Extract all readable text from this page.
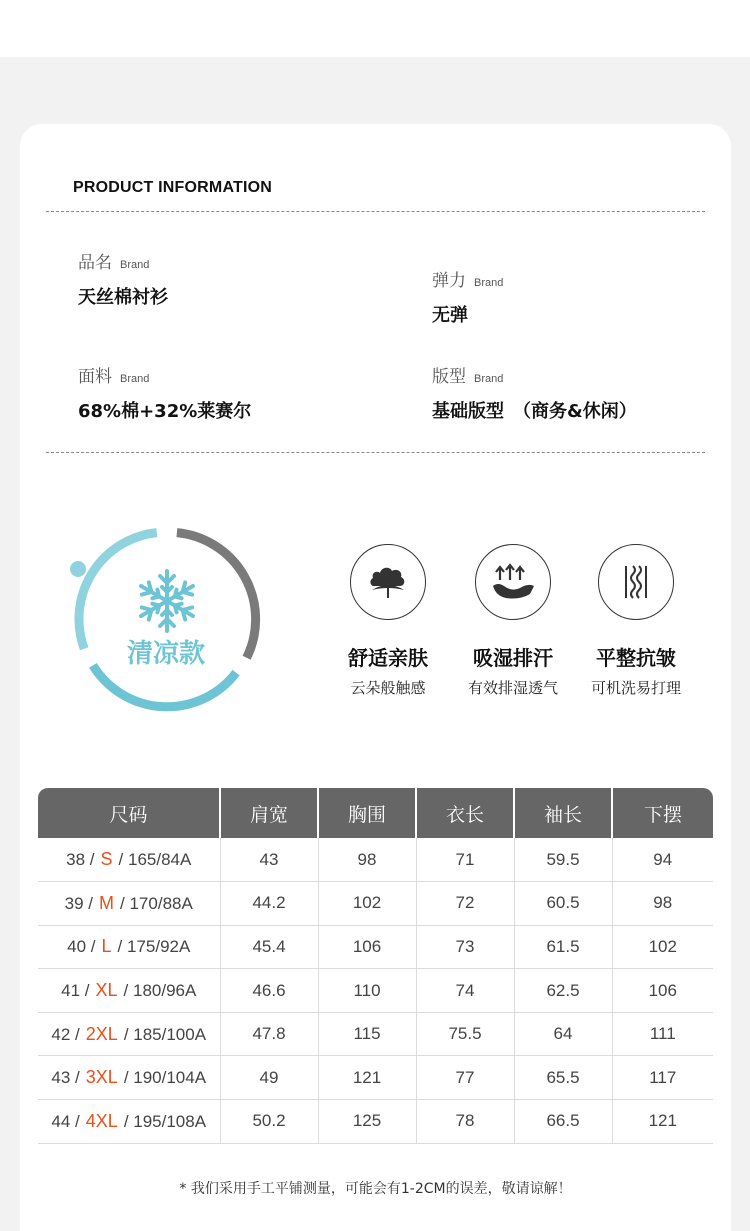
PRODUCT INFORMATION
品名 Brand
天丝棉衬衫
弹力 Brand
无弹
面料 Brand
68%棉+32%莱赛尔
版型 Brand
基础版型　（商务&休闲）
清凉款	舒适亲肤
云朵般触感
吸湿排汗
有效排湿透气
平整抗皱
可机洗易打理
尺码	肩宽	胸围	衣长	袖长	下摆
38 / S / 165/84A	43	98	71	59.5	94
39 / M / 170/88A	44.2	102	72	60.5	98
40 / L / 175/92A	45.4	106	73	61.5	102
41 / XL / 180/96A	46.6	110	74	62.5	106
42 / 2XL / 185/100A	47.8	115	75.5	64	111
43 / 3XL / 190/104A	49	121	77	65.5	117
44 / 4XL / 195/108A	50.2	125	78	66.5	121
* 我们采用手工平铺测量，可能会有1-2CM的误差，敬请谅解！
